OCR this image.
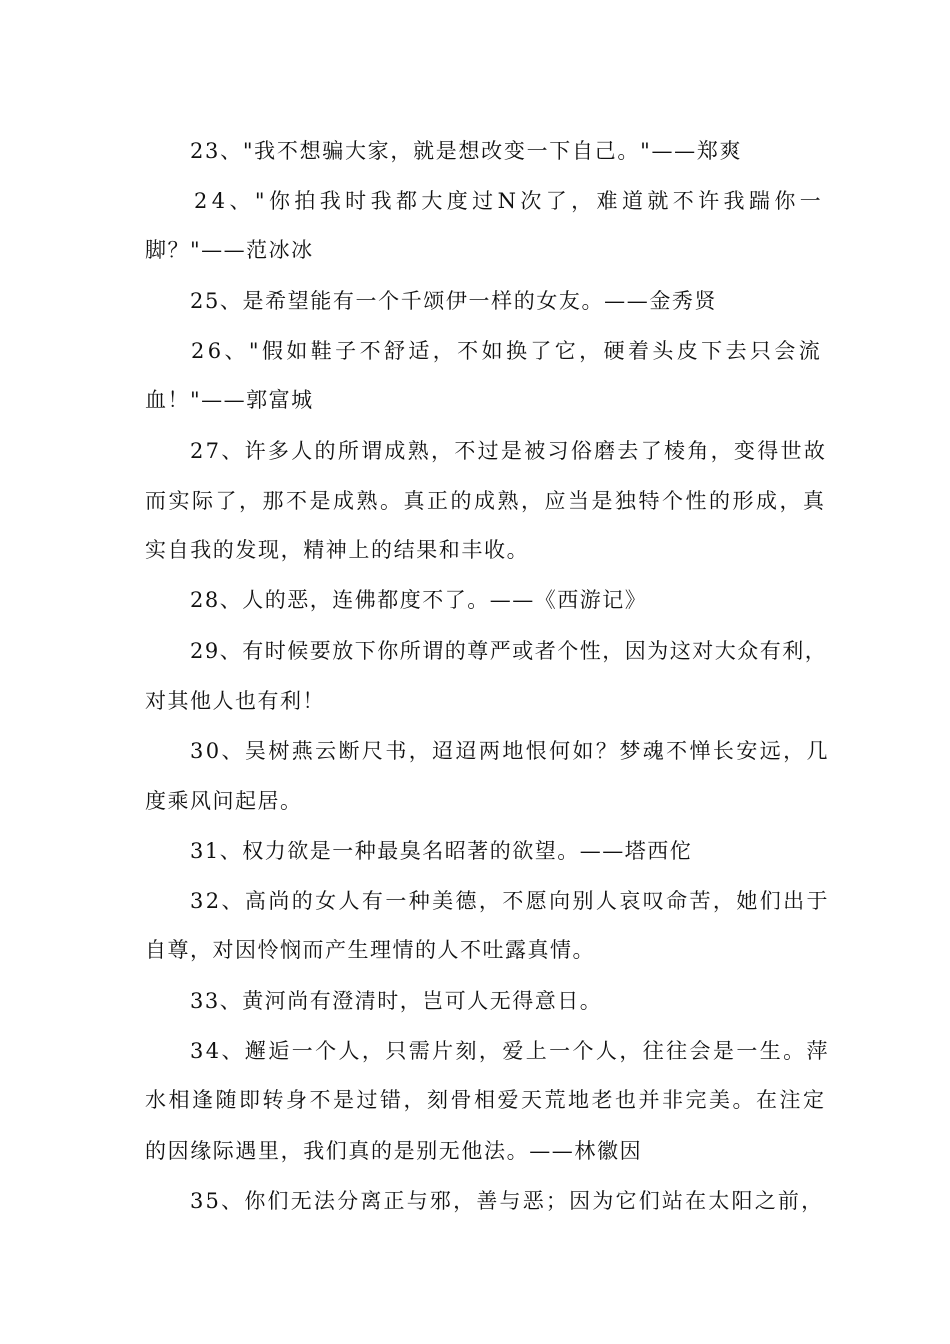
23、"我不想骗大家，就是想改变一下自己。"——郑爽
24、"你拍我时我都大度过N次了，难道就不许我踹你一
脚？"——范冰冰
25、是希望能有一个千颂伊一样的女友。——金秀贤
26、"假如鞋子不舒适，不如换了它，硬着头皮下去只会流
血！"——郭富城
27、许多人的所谓成熟，不过是被习俗磨去了棱角，变得世故
而实际了，那不是成熟。真正的成熟，应当是独特个性的形成，真
实自我的发现，精神上的结果和丰收。
28、人的恶，连佛都度不了。——《西游记》
29、有时候要放下你所谓的尊严或者个性，因为这对大众有利，
对其他人也有利！
30、吴树燕云断尺书，迢迢两地恨何如？梦魂不惮长安远，几
度乘风问起居。
31、权力欲是一种最臭名昭著的欲望。——塔西佗
32、高尚的女人有一种美德，不愿向别人哀叹命苦，她们出于
自尊，对因怜悯而产生理情的人不吐露真情。
33、黄河尚有澄清时，岂可人无得意日。
34、邂逅一个人，只需片刻，爱上一个人，往往会是一生。萍
水相逢随即转身不是过错，刻骨相爱天荒地老也并非完美。在注定
的因缘际遇里，我们真的是别无他法。——林徽因
35、你们无法分离正与邪，善与恶；因为它们站在太阳之前，
